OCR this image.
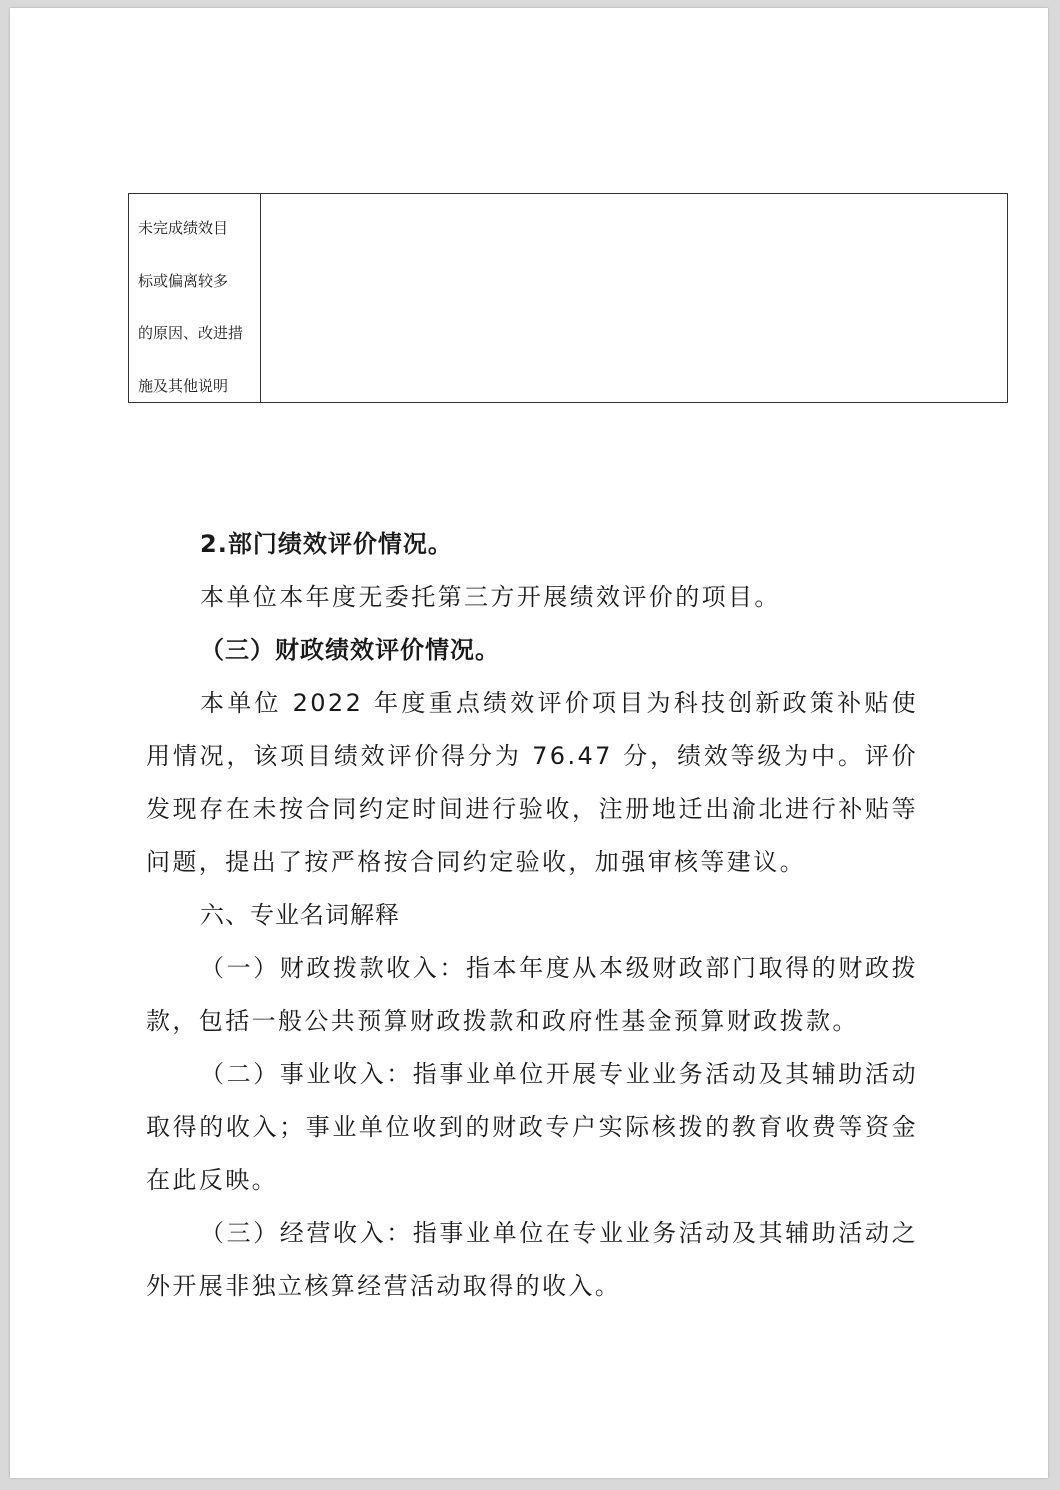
未完成绩效目
标或偏离较多
的原因、改进措
施及其他说明

2.部门绩效评价情况。

本单位本年度无委托第三方开展绩效评价的项目。

（三）财政绩效评价情况。

本单位 2022 年度重点绩效评价项目为科技创新政策补贴使用情况，该项目绩效评价得分为 76.47 分，绩效等级为中。评价发现存在未按合同约定时间进行验收，注册地迁出渝北进行补贴等问题，提出了按严格按合同约定验收，加强审核等建议。

六、专业名词解释

（一）财政拨款收入：指本年度从本级财政部门取得的财政拨款，包括一般公共预算财政拨款和政府性基金预算财政拨款。

（二）事业收入：指事业单位开展专业业务活动及其辅助活动取得的收入；事业单位收到的财政专户实际核拨的教育收费等资金在此反映。

（三）经营收入：指事业单位在专业业务活动及其辅助活动之外开展非独立核算经营活动取得的收入。
